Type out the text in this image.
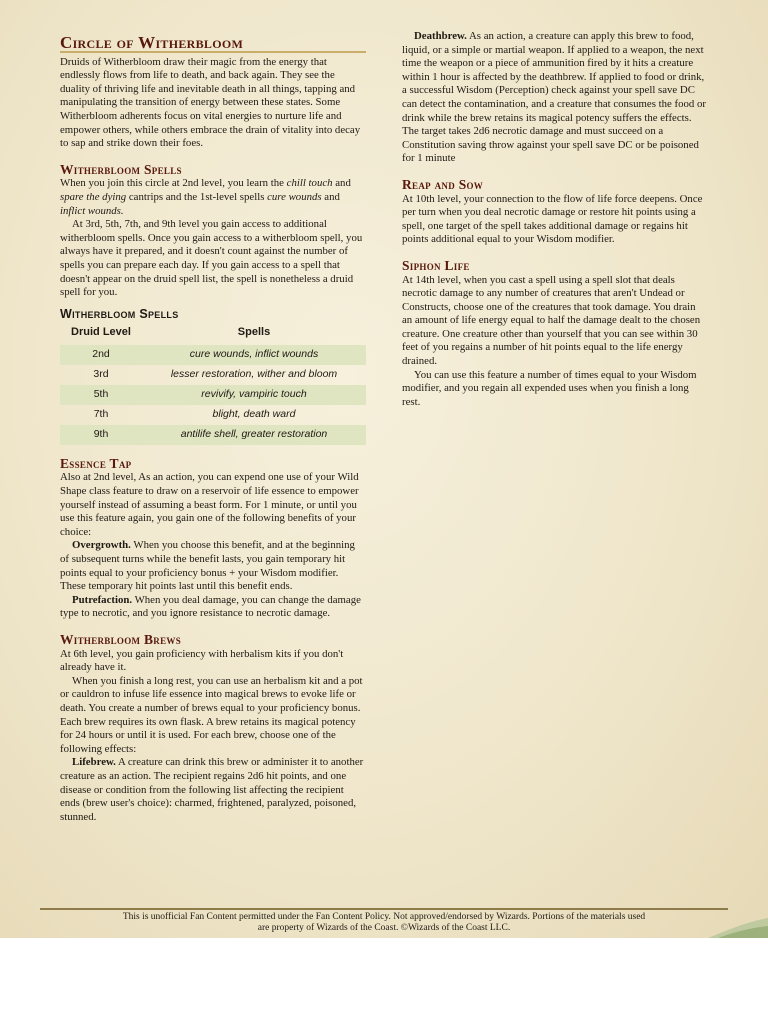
Circle of Witherbloom

Druids of Witherbloom draw their magic from the energy that endlessly flows from life to death, and back again. They see the duality of thriving life and inevitable death in all things, tapping and manipulating the transition of energy between these states. Some Witherbloom adherents focus on vital energies to nurture life and empower others, while others embrace the drain of vitality into decay to sap and strike down their foes.

Witherbloom Spells

When you join this circle at 2nd level, you learn the chill touch and spare the dying cantrips and the 1st-level spells cure wounds and inflict wounds.

At 3rd, 5th, 7th, and 9th level you gain access to additional witherbloom spells. Once you gain access to a witherbloom spell, you always have it prepared, and it doesn't count against the number of spells you can prepare each day. If you gain access to a spell that doesn't appear on the druid spell list, the spell is nonetheless a druid spell for you.

Witherbloom Spells
Druid Level	Spells
2nd	cure wounds, inflict wounds
3rd	lesser restoration, wither and bloom
5th	revivify, vampiric touch
7th	blight, death ward
9th	antilife shell, greater restoration
Essence Tap

Also at 2nd level, As an action, you can expend one use of your Wild Shape class feature to draw on a reservoir of life essence to empower yourself instead of assuming a beast form. For 1 minute, or until you use this feature again, you gain one of the following benefits of your choice:

Overgrowth. When you choose this benefit, and at the beginning of subsequent turns while the benefit lasts, you gain temporary hit points equal to your proficiency bonus + your Wisdom modifier. These temporary hit points last until this benefit ends.

Putrefaction. When you deal damage, you can change the damage type to necrotic, and you ignore resistance to necrotic damage.

Witherbloom Brews

At 6th level, you gain proficiency with herbalism kits if you don't already have it.

When you finish a long rest, you can use an herbalism kit and a pot or cauldron to infuse life essence into magical brews to evoke life or death. You create a number of brews equal to your proficiency bonus. Each brew requires its own flask. A brew retains its magical potency for 24 hours or until it is used. For each brew, choose one of the following effects:

Lifebrew. A creature can drink this brew or administer it to another creature as an action. The recipient regains 2d6 hit points, and one disease or condition from the following list affecting the recipient ends (brew user's choice): charmed, frightened, paralyzed, poisoned, stunned.

Deathbrew. As an action, a creature can apply this brew to food, liquid, or a simple or martial weapon. If applied to a weapon, the next time the weapon or a piece of ammunition fired by it hits a creature within 1 hour is affected by the deathbrew. If applied to food or drink, a successful Wisdom (Perception) check against your spell save DC can detect the contamination, and a creature that consumes the food or drink while the brew retains its magical potency suffers the effects. The target takes 2d6 necrotic damage and must succeed on a Constitution saving throw against your spell save DC or be poisoned for 1 minute

Reap and Sow

At 10th level, your connection to the flow of life force deepens. Once per turn when you deal necrotic damage or restore hit points using a spell, one target of the spell takes additional damage or regains hit points additional equal to your Wisdom modifier.

Siphon Life

At 14th level, when you cast a spell using a spell slot that deals necrotic damage to any number of creatures that aren't Undead or Constructs, choose one of the creatures that took damage. You drain an amount of life energy equal to half the damage dealt to the chosen creature. One creature other than yourself that you can see within 30 feet of you regains a number of hit points equal to the life energy drained.

You can use this feature a number of times equal to your Wisdom modifier, and you regain all expended uses when you finish a long rest.

This is unofficial Fan Content permitted under the Fan Content Policy. Not approved/endorsed by Wizards. Portions of the materials used
are property of Wizards of the Coast. ©Wizards of the Coast LLC.
